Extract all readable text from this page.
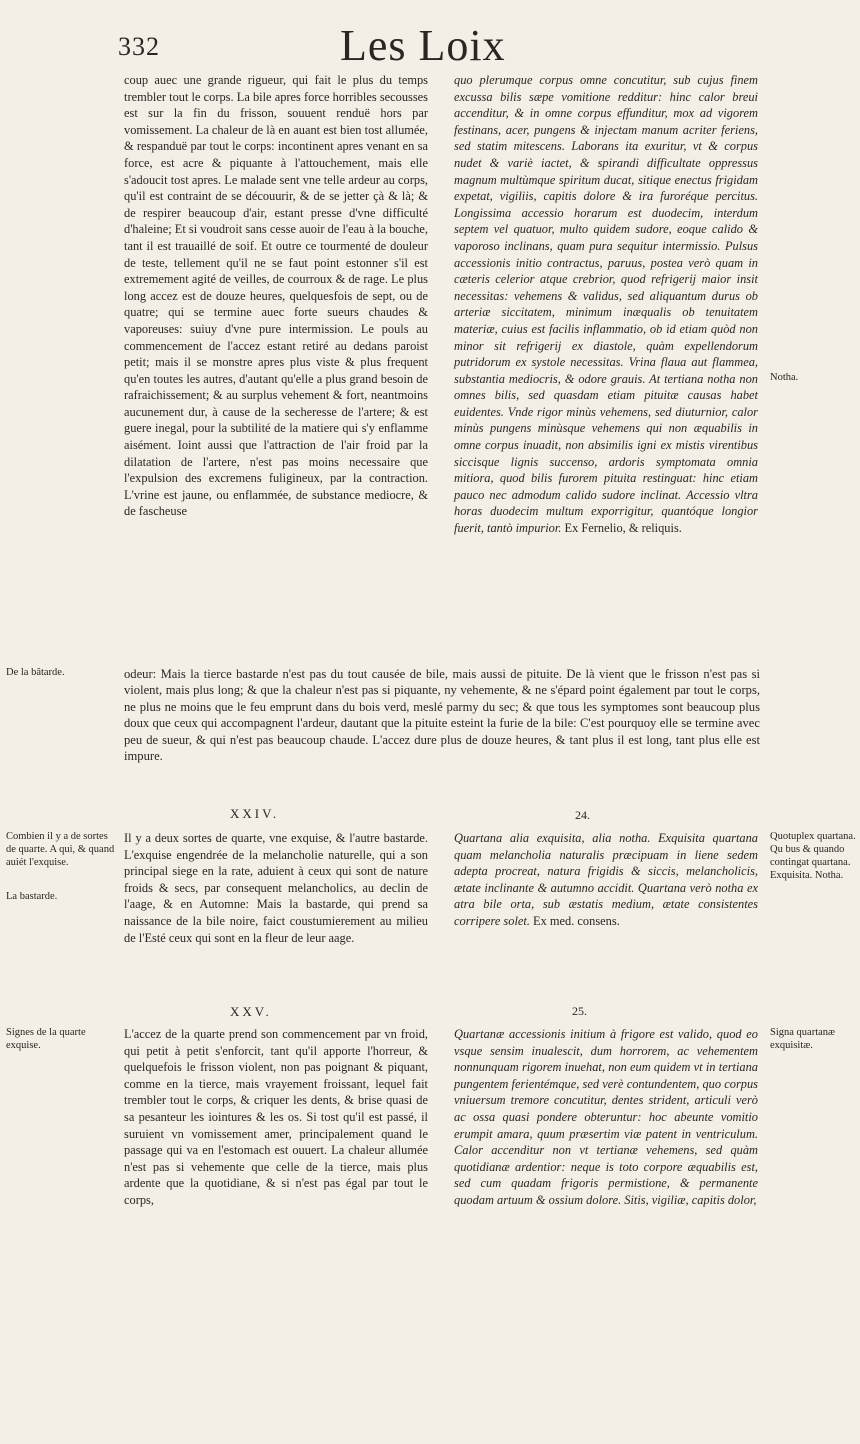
332	Les Loix

coup auec une grande rigueur, qui fait le plus du temps trembler tout le corps. La bile apres force horribles secousses est sur la fin du frisson, souuent renduë hors par vomissement. La chaleur de là en auant est bien tost allumée, & respanduë par tout le corps: incontinent apres venant en sa force, est acre & piquante à l'attouchement, mais elle s'adoucit tost apres. Le malade sent vne telle ardeur au corps, qu'il est contraint de se découurir, & de se jetter çà & là; & de respirer beaucoup d'air, estant presse d'vne difficulté d'haleine; Et si voudroit sans cesse auoir de l'eau à la bouche, tant il est trauaillé de soif. Et outre ce tourmenté de douleur de teste, tellement qu'il ne se faut point estonner s'il est extremement agité de veilles, de courroux & de rage. Le plus long accez est de douze heures, quelquesfois de sept, ou de quatre; qui se termine auec forte sueurs chaudes & vaporeuses: suiuy d'vne pure intermission. Le pouls au commencement de l'accez estant retiré au dedans paroist petit; mais il se monstre apres plus viste & plus frequent qu'en toutes les autres, d'autant qu'elle a plus grand besoin de rafraichissement; & au surplus vehement & fort, neantmoins aucunement dur, à cause de la secheresse de l'artere; & est guere inegal, pour la subtilité de la matiere qui s'y enflamme aisément. Ioint aussi que l'attraction de l'air froid par la dilatation de l'artere, n'est pas moins necessaire que l'expulsion des excremens fuligineux, par la contraction. L'vrine est jaune, ou enflammée, de substance mediocre, & de fascheuse

quo plerumque corpus omne concutitur, sub cujus finem excussa bilis sæpe vomitione redditur: hinc calor breui accenditur, & in omne corpus effunditur, mox ad vigorem festinans, acer, pungens & injectam manum acriter feriens, sed statim mitescens. Laborans ita exuritur, vt & corpus nudet & variè iactet, & spirandi difficultate oppressus magnum multùmque spiritum ducat, sitique enectus frigidam expetat, vigiliis, capitis dolore & ira furoréque percitus. Longissima accessio horarum est duodecim, interdum septem vel quatuor, multo quidem sudore, eoque calido & vaporoso inclinans, quam pura sequitur intermissio. Pulsus accessionis initio contractus, paruus, postea verò quam in cæteris celerior atque crebrior, quod refrigerij maior insit necessitas: vehemens & validus, sed aliquantum durus ob arteriæ siccitatem, minimum inæqualis ob tenuitatem materiæ, cuius est facilis inflammatio, ob id etiam quòd non minor sit refrigerij ex diastole, quàm expellendorum putridorum ex systole necessitas. Vrina flaua aut flammea, substantia mediocris, & odore grauis. At tertiana notha non omnes bilis, sed quasdam etiam pituitæ causas habet euidentes. Vnde rigor minùs vehemens, sed diuturnior, calor minùs pungens minùsque vehemens qui non æquabilis in omne corpus inuadit, non absimilis igni ex mistis virentibus siccisque lignis succenso, ardoris symptomata omnia mitiora, quod bilis furorem pituita restinguat: hinc etiam pauco nec admodum calido sudore inclinat. Accessio vltra horas duodecim multum exporrigitur, quantóque longior fuerit, tantò impurior. Ex Fernelio, & reliquis.

Notha.

De la bâtarde.	odeur: Mais la tierce bastarde n'est pas du tout causée de bile, mais aussi de pituite. De là vient que le frisson n'est pas si violent, mais plus long; & que la chaleur n'est pas si piquante, ny vehemente, & ne s'épard point également par tout le corps, ne plus ne moins que le feu emprunt dans du bois verd, meslé parmy du sec; & que tous les symptomes sont beaucoup plus doux que ceux qui accompagnent l'ardeur, dautant que la pituite esteint la furie de la bile: C'est pourquoy elle se termine avec peu de sueur, & qui n'est pas beaucoup chaude. L'accez dure plus de douze heures, & tant plus il est long, tant plus elle est impure.

XXIV.	24.

Combien il y a de sortes de quarte. A qui, & quand auiét l'exquise.

La bastarde.

Il y a deux sortes de quarte, vne exquise, & l'autre bastarde. L'exquise engendrée de la melancholie naturelle, qui a son principal siege en la rate, aduient à ceux qui sont de nature froids & secs, par consequent melancholics, au declin de l'aage, & en Automne: Mais la bastarde, qui prend sa naissance de la bile noire, faict coustumierement au milieu de l'Esté ceux qui sont en la fleur de leur aage.

Quartana alia exquisita, alia notha. Exquisita quartana quam melancholia naturalis præcipuam in liene sedem adepta procreat, natura frigidis & siccis, melancholicis, ætate inclinante & autumno accidit. Quartana verò notha ex atra bile orta, sub æstatis medium, ætate consistentes corripere solet. Ex med. consens.

Quotuplex quartana. Qu bus & quando contingat quartana. Exquisita. Notha.

XXV.	25.

Signes de la quarte exquise.

L'accez de la quarte prend son commencement par vn froid, qui petit à petit s'enforcit, tant qu'il apporte l'horreur, & quelquefois le frisson violent, non pas poignant & piquant, comme en la tierce, mais vrayement froissant, lequel fait trembler tout le corps, & criquer les dents, & brise quasi de sa pesanteur les iointures & les os. Si tost qu'il est passé, il suruient vn vomissement amer, principalement quand le passage qui va en l'estomach est ouuert. La chaleur allumée n'est pas si vehemente que celle de la tierce, mais plus ardente que la quotidiane, & si n'est pas égal par tout le corps,

Quartanæ accessionis initium à frigore est valido, quod eo vsque sensim inualescit, dum horrorem, ac vehementem nonnunquam rigorem inuehat, non eum quidem vt in tertiana pungentem ferientémque, sed verè contundentem, quo corpus vniuersum tremore concutitur, dentes strident, articuli verò ac ossa quasi pondere obteruntur: hoc abeunte vomitio erumpit amara, quum præsertim viæ patent in ventriculum. Calor accenditur non vt tertianæ vehemens, sed quàm quotidianæ ardentior: neque is toto corpore æquabilis est, sed cum quadam frigoris permistione, & permanente quodam artuum & ossium dolore. Sitis, vigiliæ, capitis dolor,

Signa quartanæ exquisitæ.
